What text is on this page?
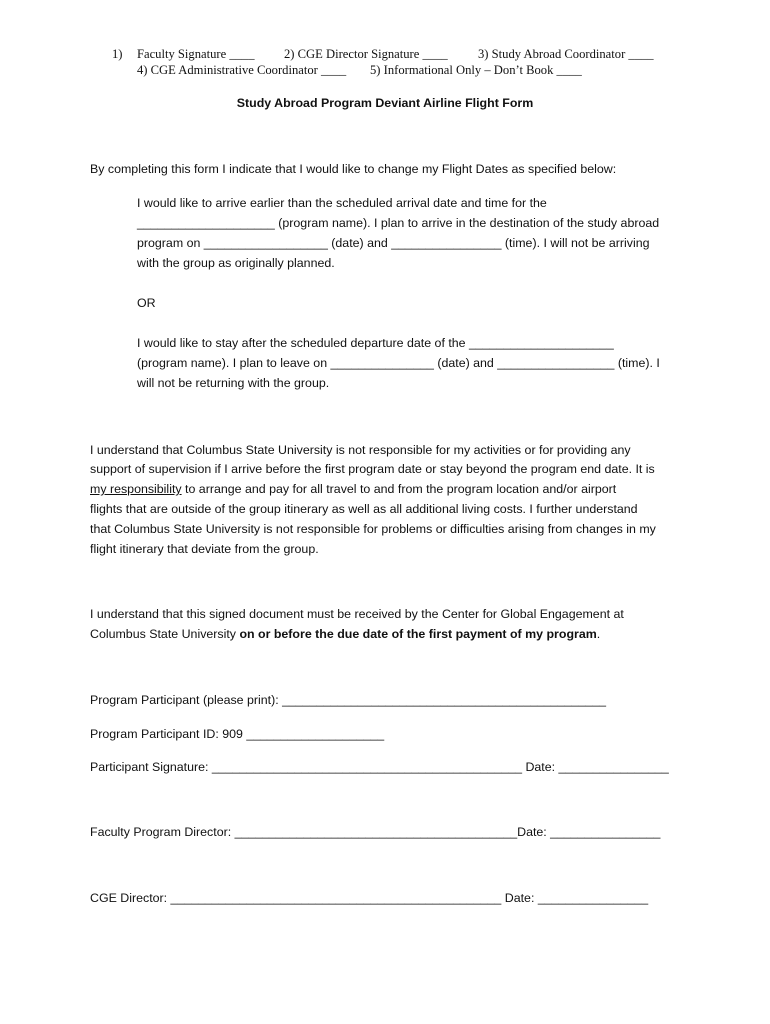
1) Faculty Signature ____ 2) CGE Director Signature ____ 3) Study Abroad Coordinator ____
4) CGE Administrative Coordinator ____ 5) Informational Only – Don’t Book ____
Study Abroad Program Deviant Airline Flight Form
By completing this form I indicate that I would like to change my Flight Dates as specified below:
I would like to arrive earlier than the scheduled arrival date and time for the
____________________ (program name). I plan to arrive in the destination of the study abroad
program on __________________ (date) and ________________ (time). I will not be arriving
with the group as originally planned.
OR
I would like to stay after the scheduled departure date of the _____________________
(program name). I plan to leave on _______________ (date) and _________________ (time). I
will not be returning with the group.
I understand that Columbus State University is not responsible for my activities or for providing any
support of supervision if I arrive before the first program date or stay beyond the program end date. It is
my responsibility to arrange and pay for all travel to and from the program location and/or airport
flights that are outside of the group itinerary as well as all additional living costs. I further understand
that Columbus State University is not responsible for problems or difficulties arising from changes in my
flight itinerary that deviate from the group.
I understand that this signed document must be received by the Center for Global Engagement at
Columbus State University on or before the due date of the first payment of my program.
Program Participant (please print): _______________________________________________
Program Participant ID: 909 ____________________
Participant Signature: _____________________________________________ Date: ________________
Faculty Program Director: _________________________________________Date: ________________
CGE Director: ________________________________________________ Date: ________________
